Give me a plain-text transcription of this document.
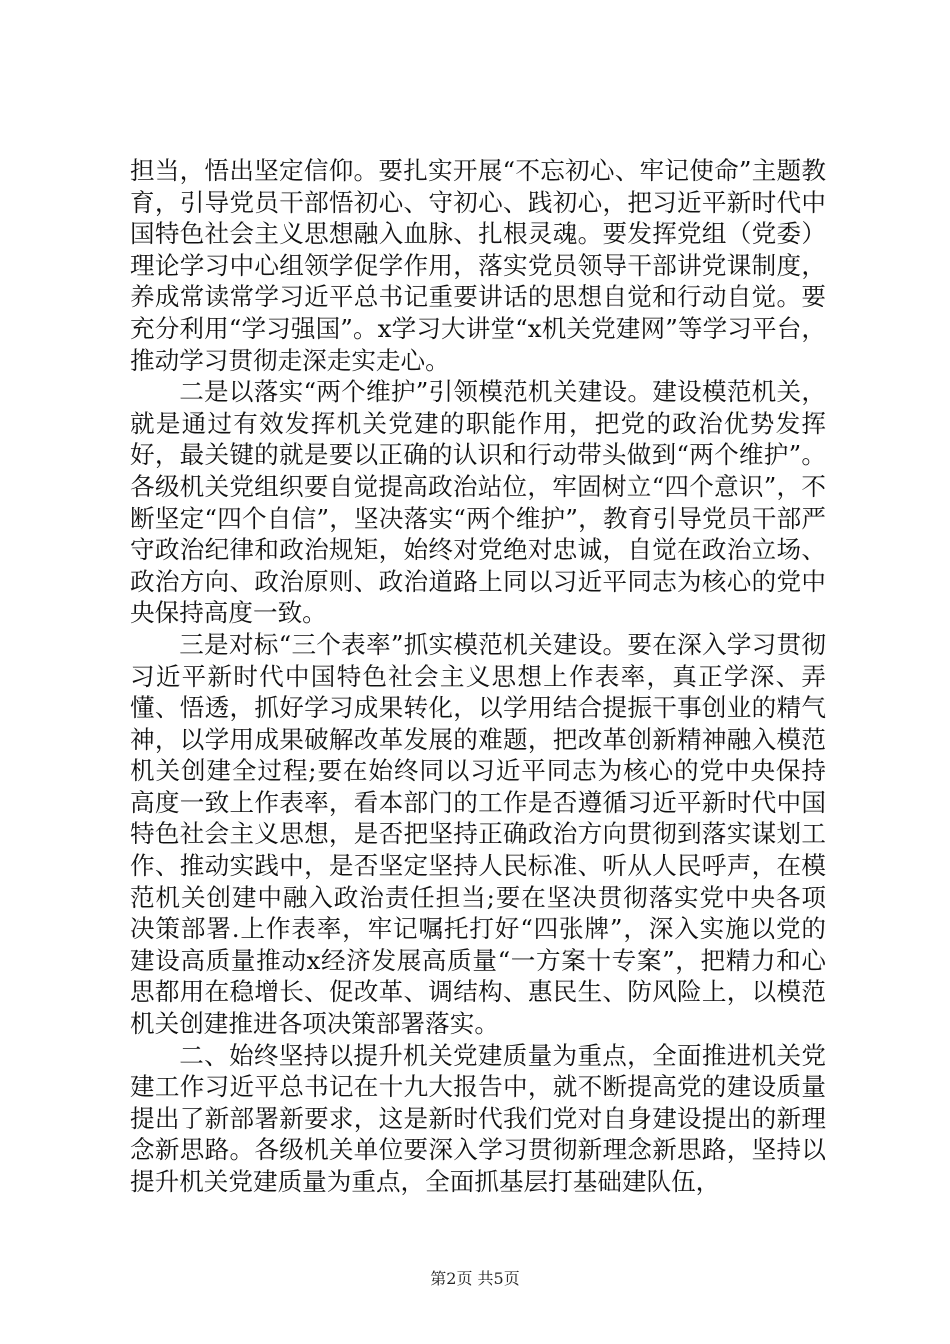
担当，悟出坚定信仰。要扎实开展“不忘初心、牢记使命”主题教育，引导党员干部悟初心、守初心、践初心，把习近平新时代中国特色社会主义思想融入血脉、扎根灵魂。要发挥党组（党委）理论学习中心组领学促学作用，落实党员领导干部讲党课制度，养成常读常学习近平总书记重要讲话的思想自觉和行动自觉。要充分利用“学习强国”。x学习大讲堂“x机关党建网”等学习平台，推动学习贯彻走深走实走心。

二是以落实“两个维护”引领模范机关建设。建设模范机关，就是通过有效发挥机关党建的职能作用，把党的政治优势发挥好，最关键的就是要以正确的认识和行动带头做到“两个维护”。各级机关党组织要自觉提高政治站位，牢固树立“四个意识”，不断坚定“四个自信”，坚决落实“两个维护”，教育引导党员干部严守政治纪律和政治规矩，始终对党绝对忠诚，自觉在政治立场、政治方向、政治原则、政治道路上同以习近平同志为核心的党中央保持高度一致。

三是对标“三个表率”抓实模范机关建设。要在深入学习贯彻习近平新时代中国特色社会主义思想上作表率，真正学深、弄懂、悟透，抓好学习成果转化，以学用结合提振干事创业的精气神，以学用成果破解改革发展的难题，把改革创新精神融入模范机关创建全过程;要在始终同以习近平同志为核心的党中央保持高度一致上作表率，看本部门的工作是否遵循习近平新时代中国特色社会主义思想，是否把坚持正确政治方向贯彻到落实谋划工作、推动实践中，是否坚定坚持人民标准、听从人民呼声，在模范机关创建中融入政治责任担当;要在坚决贯彻落实党中央各项决策部署.上作表率，牢记嘱托打好“四张牌”，深入实施以党的建设高质量推动x经济发展高质量“一方案十专案”，把精力和心思都用在稳增长、促改革、调结构、惠民生、防风险上，以模范机关创建推进各项决策部署落实。

二、始终坚持以提升机关党建质量为重点，全面推进机关党建工作习近平总书记在十九大报告中，就不断提高党的建设质量提出了新部署新要求，这是新时代我们党对自身建设提出的新理念新思路。各级机关单位要深入学习贯彻新理念新思路，坚持以提升机关党建质量为重点，全面抓基层打基础建队伍，

第2页 共5页
